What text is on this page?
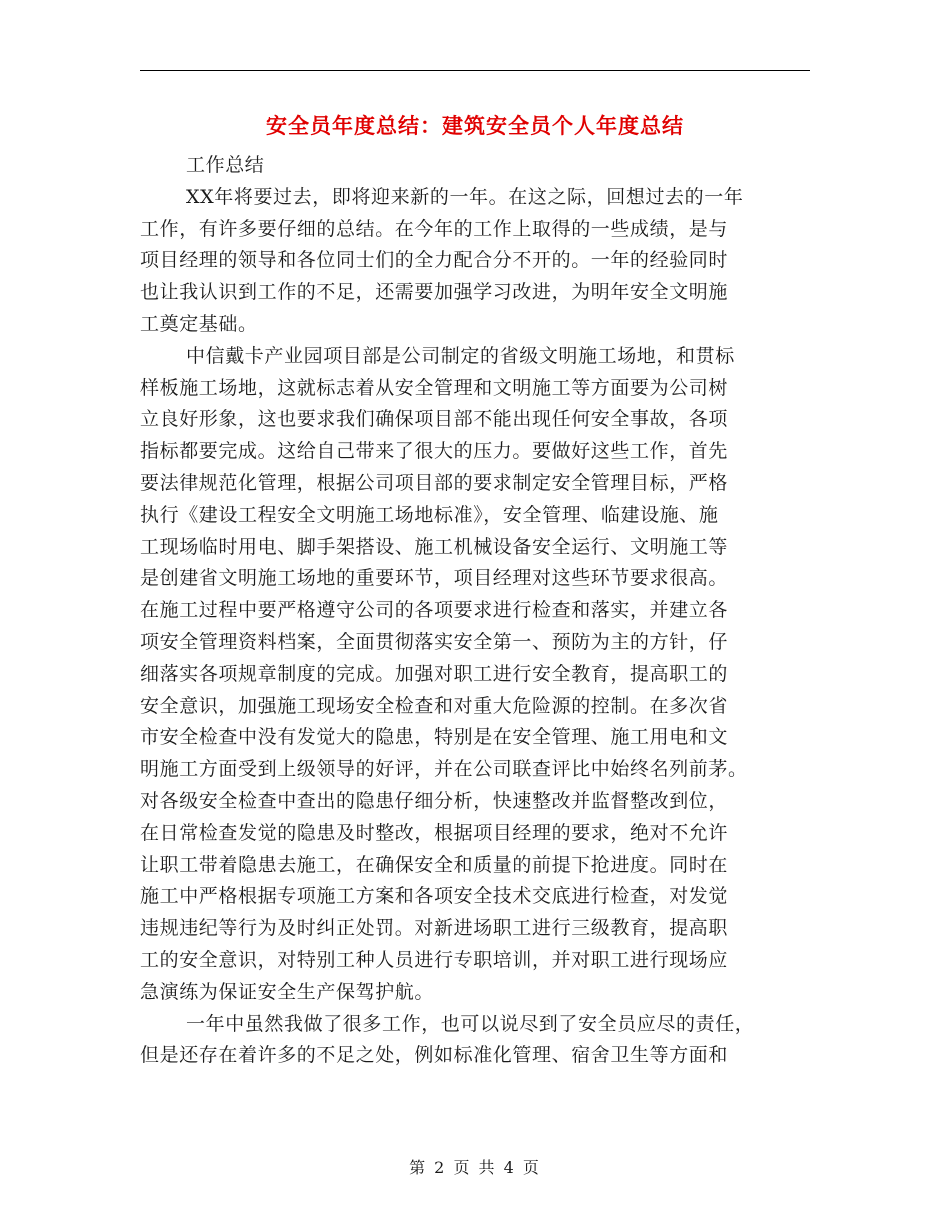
安全员年度总结：建筑安全员个人年度总结
工作总结
XX年将要过去，即将迎来新的一年。在这之际，回想过去的一年
工作，有许多要仔细的总结。在今年的工作上取得的一些成绩，是与
项目经理的领导和各位同士们的全力配合分不开的。一年的经验同时
也让我认识到工作的不足，还需要加强学习改进，为明年安全文明施
工奠定基础。
中信戴卡产业园项目部是公司制定的省级文明施工场地，和贯标
样板施工场地，这就标志着从安全管理和文明施工等方面要为公司树
立良好形象，这也要求我们确保项目部不能出现任何安全事故，各项
指标都要完成。这给自己带来了很大的压力。要做好这些工作，首先
要法律规范化管理，根据公司项目部的要求制定安全管理目标，严格
执行《建设工程安全文明施工场地标准》，安全管理、临建设施、施
工现场临时用电、脚手架搭设、施工机械设备安全运行、文明施工等
是创建省文明施工场地的重要环节，项目经理对这些环节要求很高。
在施工过程中要严格遵守公司的各项要求进行检查和落实，并建立各
项安全管理资料档案，全面贯彻落实安全第一、预防为主的方针，仔
细落实各项规章制度的完成。加强对职工进行安全教育，提高职工的
安全意识，加强施工现场安全检查和对重大危险源的控制。在多次省
市安全检查中没有发觉大的隐患，特别是在安全管理、施工用电和文
明施工方面受到上级领导的好评，并在公司联查评比中始终名列前茅。
对各级安全检查中查出的隐患仔细分析，快速整改并监督整改到位，
在日常检查发觉的隐患及时整改，根据项目经理的要求，绝对不允许
让职工带着隐患去施工，在确保安全和质量的前提下抢进度。同时在
施工中严格根据专项施工方案和各项安全技术交底进行检查，对发觉
违规违纪等行为及时纠正处罚。对新进场职工进行三级教育，提高职
工的安全意识，对特别工种人员进行专职培训，并对职工进行现场应
急演练为保证安全生产保驾护航。
一年中虽然我做了很多工作，也可以说尽到了安全员应尽的责任，
但是还存在着许多的不足之处，例如标准化管理、宿舍卫生等方面和
第 2 页 共 4 页
